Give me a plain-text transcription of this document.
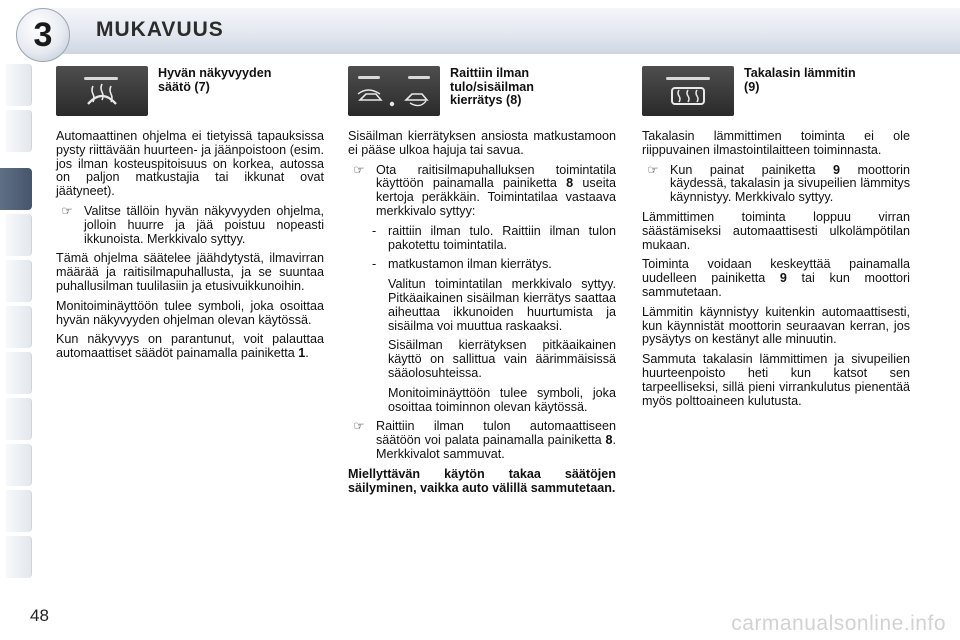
3 MUKAVUUS
Hyvän näkyvyyden
säätö (7)

Automaattinen ohjelma ei tietyissä tapauksissa pysty riittävään huurteen- ja jäänpoistoon (esim. jos ilman kosteuspitoisuus on korkea, autossa on paljon matkustajia tai ikkunat ovat jäätyneet).

☞ Valitse tällöin hyvän näkyvyyden ohjelma, jolloin huurre ja jää poistuu nopeasti ikkunoista. Merkkivalo syttyy.

Tämä ohjelma säätelee jäähdytystä, ilmavirran määrää ja raitisilmapuhallusta, ja se suuntaa puhallusilman tuulilasiin ja etusivuikkunoihin.

Monitoiminäyttöön tulee symboli, joka osoittaa hyvän näkyvyyden ohjelman olevan käytössä.

Kun näkyvyys on parantunut, voit palauttaa automaattiset säädöt painamalla painiketta 1.

Raittiin ilman
tulo/sisäilman
kierrätys (8)

Sisäilman kierrätyksen ansiosta matkustamoon ei pääse ulkoa hajuja tai savua.

☞ Ota raitisilmapuhalluksen toimintatila käyttöön painamalla painiketta 8 useita kertoja peräkkäin. Toimintatilaa vastaava merkkivalo syttyy:
- raittiin ilman tulo. Raittiin ilman tulon pakotettu toimintatila.
- matkustamon ilman kierrätys.

Valitun toimintatilan merkkivalo syttyy. Pitkäaikainen sisäilman kierrätys saattaa aiheuttaa ikkunoiden huurtumista ja sisäilma voi muuttua raskaaksi.

Sisäilman kierrätyksen pitkäaikainen käyttö on sallittua vain äärimmäisissä sääolosuhteissa.

Monitoiminäyttöön tulee symboli, joka osoittaa toiminnon olevan käytössä.

☞ Raittiin ilman tulon automaattiseen säätöön voi palata painamalla painiketta 8. Merkkivalot sammuvat.

Miellyttävän käytön takaa säätöjen säilyminen, vaikka auto välillä sammutetaan.

Takalasin lämmitin
(9)

Takalasin lämmittimen toiminta ei ole riippuvainen ilmastointilaitteen toiminnasta.

☞ Kun painat painiketta 9 moottorin käydessä, takalasin ja sivupeilien lämmitys käynnistyy. Merkkivalo syttyy.

Lämmittimen toiminta loppuu virran säästämiseksi automaattisesti ulkolämpötilan mukaan.

Toiminta voidaan keskeyttää painamalla uudelleen painiketta 9 tai kun moottori sammutetaan.

Lämmitin käynnistyy kuitenkin automaattisesti, kun käynnistät moottorin seuraavan kerran, jos pysäytys on kestänyt alle minuutin.

Sammuta takalasin lämmittimen ja sivupeilien huurteenpoisto heti kun katsot sen tarpeelliseksi, sillä pieni virrankulutus pienentää myös polttoaineen kulutusta.

48	carmanualsonline.info
